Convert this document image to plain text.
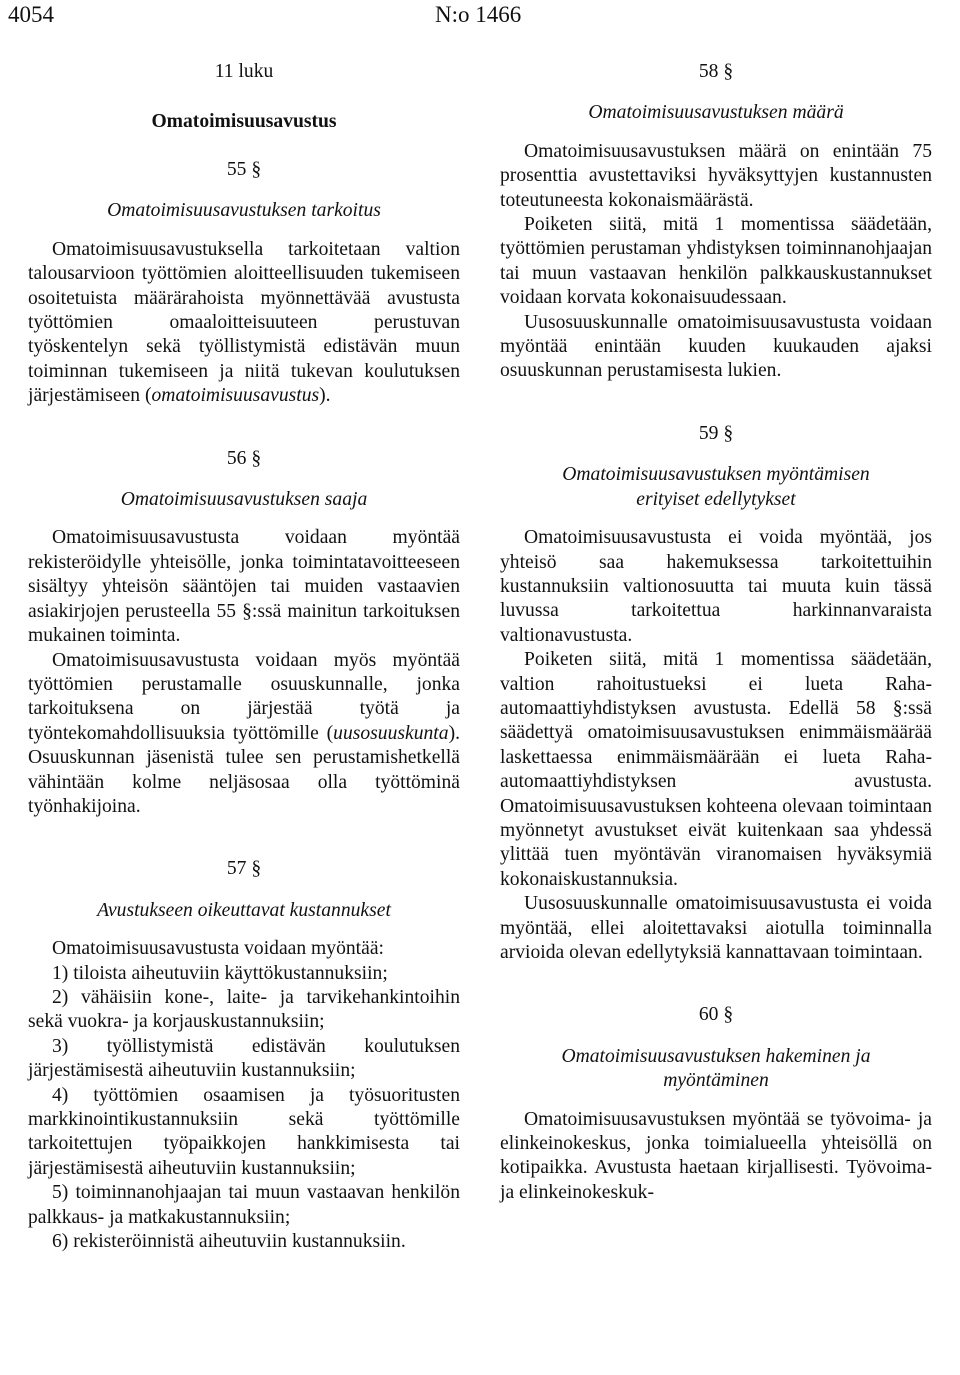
4054	N:o 1466
11 luku
Omatoimisuusavustus
55 §
Omatoimisuusavustuksen tarkoitus

Omatoimisuusavustuksella tarkoitetaan valtion talousarvioon työttömien aloitteellisuuden tukemiseen osoitetuista määrärahoista myönnettävää avustusta työttömien omaaloitteisuuteen perustuvan työskentelyn sekä työllistymistä edistävän muun toiminnan tukemiseen ja niitä tukevan koulutuksen järjestämiseen (omatoimisuusavustus).

56 §
Omatoimisuusavustuksen saaja

Omatoimisuusavustusta voidaan myöntää rekisteröidylle yhteisölle, jonka toimintatavoitteeseen sisältyy yhteisön sääntöjen tai muiden vastaavien asiakirjojen perusteella 55 §:ssä mainitun tarkoituksen mukainen toiminta.

Omatoimisuusavustusta voidaan myös myöntää työttömien perustamalle osuuskunnalle, jonka tarkoituksena on järjestää työtä ja työntekomahdollisuuksia työttömille (uusosuuskunta). Osuuskunnan jäsenistä tulee sen perustamishetkellä vähintään kolme neljäsosaa olla työttöminä työnhakijoina.

57 §
Avustukseen oikeuttavat kustannukset

Omatoimisuusavustusta voidaan myöntää:

1) tiloista aiheutuviin käyttökustannuksiin;

2) vähäisiin kone-, laite- ja tarvikehankintoihin sekä vuokra- ja korjauskustannuksiin;

3) työllistymistä edistävän koulutuksen järjestämisestä aiheutuviin kustannuksiin;

4) työttömien osaamisen ja työsuoritusten markkinointikustannuksiin sekä työttömille tarkoitettujen työpaikkojen hankkimisesta tai järjestämisestä aiheutuviin kustannuksiin;

5) toiminnanohjaajan tai muun vastaavan henkilön palkkaus- ja matkakustannuksiin;

6) rekisteröinnistä aiheutuviin kustannuksiin.

58 §
Omatoimisuusavustuksen määrä

Omatoimisuusavustuksen määrä on enintään 75 prosenttia avustettaviksi hyväksyttyjen kustannusten toteutuneesta kokonaismäärästä.

Poiketen siitä, mitä 1 momentissa säädetään, työttömien perustaman yhdistyksen toiminnanohjaajan tai muun vastaavan henkilön palkkauskustannukset voidaan korvata kokonaisuudessaan.

Uusosuuskunnalle omatoimisuusavustusta voidaan myöntää enintään kuuden kuukauden ajaksi osuuskunnan perustamisesta lukien.

59 §
Omatoimisuusavustuksen myöntämisen
erityiset edellytykset

Omatoimisuusavustusta ei voida myöntää, jos yhteisö saa hakemuksessa tarkoitettuihin kustannuksiin valtionosuutta tai muuta kuin tässä luvussa tarkoitettua harkinnanvaraista valtionavustusta.

Poiketen siitä, mitä 1 momentissa säädetään, valtion rahoitustueksi ei lueta Raha-automaattiyhdistyksen avustusta. Edellä 58 §:ssä säädettyä omatoimisuusavustuksen enimmäismäärää laskettaessa enimmäismäärään ei lueta Raha-automaattiyhdistyksen avustusta. Omatoimisuusavustuksen kohteena olevaan toimintaan myönnetyt avustukset eivät kuitenkaan saa yhdessä ylittää tuen myöntävän viranomaisen hyväksymiä kokonaiskustannuksia.

Uusosuuskunnalle omatoimisuusavustusta ei voida myöntää, ellei aloitettavaksi aiotulla toiminnalla arvioida olevan edellytyksiä kannattavaan toimintaan.

60 §
Omatoimisuusavustuksen hakeminen ja
myöntäminen

Omatoimisuusavustuksen myöntää se työvoima- ja elinkeinokeskus, jonka toimialueella yhteisöllä on kotipaikka. Avustusta haetaan kirjallisesti. Työvoima- ja elinkeinokeskuk-
